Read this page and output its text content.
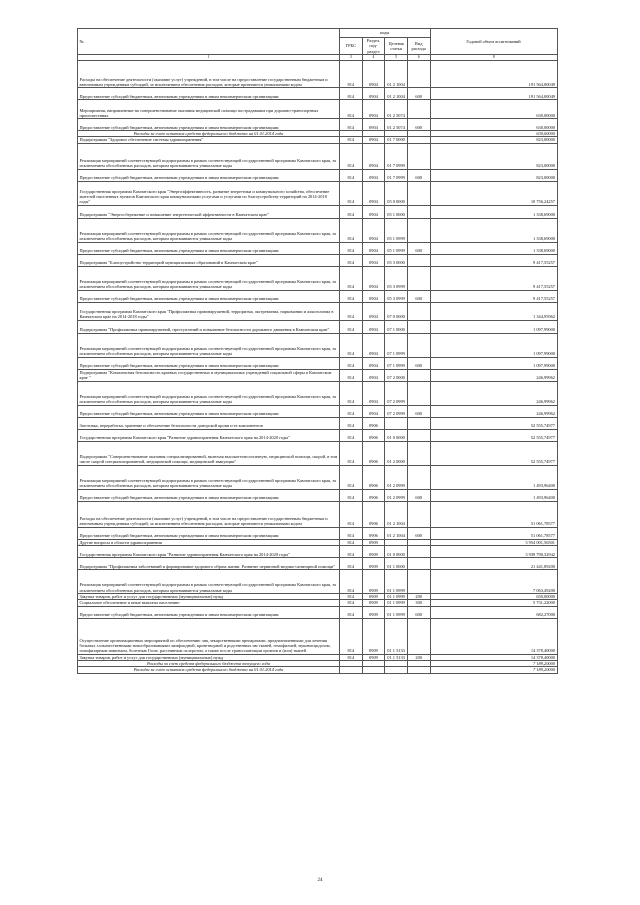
№	коды				Годовой объем ассигнований
	ГРБС	Раздел, под-раздел	Целевая статья	Вид расхода	
1	3	4	5	6	8
Расходы на обеспечение деятельности (оказание услуг) учреждений, в том числе на предоставление государственным бюджетным и автономным учреждениям субсидий, за исключением обеспечения расходов, которые признаются уникальными кодом	814	0904	01 2 1004		191 564,00049
Предоставление субсидий бюджетным, автономным учреждениям и иным некоммерческим организациям	814	0904	01 2 1004	600	191 564,00049
Мероприятия, направленные на совершенствование оказания медицинской помощи пострадавшим при дорожно-транспортных происшествиях	814	0904	01 2 5074		630,00000
Предоставление субсидий бюджетным, автономным учреждениям и иным некоммерческим организациям	814	0904	01 2 5074	600	630,00000
Расходы за счет остатков средств федерального бюджета на 01.01.2014 года					630,00000
Подпрограмма "Здоровое обеспечение системы здравоохранения"	814	0904	01 7 0000		823,00000
Реализация мероприятий соответствующей подпрограммы в рамках соответствующей государственной программы Камчатского края, за исключением обособленных расходов, которым присваиваются уникальные коды	814	0904	01 7 0999		823,00000
Предоставление субсидий бюджетным, автономным учреждениям и иным некоммерческим организациям	814	0904	01 7 0999	600	823,00000
Государственная программа Камчатского края "Энергоэффективность, развитие энергетики и коммунального хозяйства, обеспечение жителей населенных пунктов Камчатского края коммунальными услугами и услугами по благоустройству территорий на 2014-2018 годы"	814	0904	05 0 0000		10 756,24257
Подпрограмма "Энергосбережение и повышение энергетической эффективности в Камчатском крае"	814	0904	05 1 0000		1 338,69000
Реализация мероприятий соответствующей подпрограммы в рамках соответствующей государственной программы Камчатского края, за исключением обособленных расходов, которым присваиваются уникальные коды	814	0904	05 1 0999		1 338,69000
Предоставление субсидий бюджетным, автономным учреждениям и иным некоммерческим организациям	814	0904	05 1 0999	600	1 338,69000
Подпрограмма "Благоустройство территорий муниципальных образований в Камчатском крае"	814	0904	05 3 0000		9 417,55257
Реализация мероприятий соответствующей подпрограммы в рамках соответствующей государственной программы Камчатского края, за исключением обособленных расходов, которым присваиваются уникальные коды	814	0904	05 3 0999		9 417,55257
Предоставление субсидий бюджетным, автономным учреждениям и иным некоммерческим организациям	814	0904	05 3 0999	600	9 417,55257
Государственная программа Камчатского края "Профилактика правонарушений, терроризма, экстремизма, наркомании и алкоголизма в Камчатском крае на 2014-2018 годы"	814	0904	07 0 0000		1 344,95962
Подпрограмма "Профилактика правонарушений, преступлений и повышение безопасности дорожного движения в Камчатском крае"	814	0904	07 1 0000		1 097,99000
Реализация мероприятий соответствующей подпрограммы в рамках соответствующей государственной программы Камчатского края, за исключением обособленных расходов, которым присваиваются уникальные коды	814	0904	07 1 0999		1 097,99000
Предоставление субсидий бюджетным, автономным учреждениям и иным некоммерческим организациям	814	0904	07 1 0999	600	1 097,99000
Подпрограмма "Комплексная безопасность краевых государственных и муниципальных учреждений социальной сферы в Камчатском крае "	814	0904	07 2 0000		246,99962
Реализация мероприятий соответствующей подпрограммы в рамках соответствующей государственной программы Камчатского края, за исключением обособленных расходов, которым присваиваются уникальные коды	814	0904	07 2 0999		246,99962
Предоставление субсидий бюджетным, автономным учреждениям и иным некоммерческим организациям	814	0904	07 2 0999	600	246,99962
Заготовка, переработка, хранение и обеспечение безопасности донорской крови и ее компонентов	814	0906			52 555,74977
Государственная программа Камчатского края "Развитие здравоохранения Камчатского края на 2014-2020 годы"	814	0906	01 0 0000		52 555,74977
Подпрограмма "Совершенствование оказания специализированной, включая высокотехнологичную, медицинской помощи, скорой, в том числе скорой специализированной, медицинской помощи, медицинской эвакуации"	814	0906	01 2 0000		52 555,74977
Реализация мероприятий соответствующей подпрограммы в рамках соответствующей государственной программы Камчатского края, за исключением обособленных расходов, которым присваиваются уникальные коды	814	0906	01 2 0999		1 493,96400
Предоставление субсидий бюджетным, автономным учреждениям и иным некоммерческим организациям	814	0906	01 2 0999	600	1 493,96400
Расходы на обеспечение деятельности (оказание услуг) учреждений, в том числе на предоставление государственным бюджетным и автономным учреждениям субсидий, за исключением обеспечения расходов, которые признаются уникальными кодом	814	0906	01 2 1004		51 061,78577
Предоставление субсидий бюджетным, автономным учреждениям и иным некоммерческим организациям	814	0906	01 2 1004	600	51 061,78577
Другие вопросы в области здравоохранения	814	0909			3 954 001,56501
Государственная программа Камчатского края "Развитие здравоохранения Камчатского края на 2014-2020 годы"	814	0909	01 0 0000		3 939 790,32942
Подпрограмма "Профилактика заболеваний и формирование здорового образа жизни. Развитие первичной медико-санитарной помощи"	814	0909	01 1 0000		21 441,89200
Реализация мероприятий соответствующей подпрограммы в рамках соответствующей государственной программы Камчатского края, за исключением обособленных расходов, которым присваиваются уникальные коды	814	0909	01 1 0999		7 063,49200
Закупка товаров, работ и услуг для государственных (муниципальных) нужд	814	0909	01 1 0999	200	650,00000
Социальное обеспечение и иные выплаты населению	814	0909	01 1 0999	300	5 731,22000
Предоставление субсидий бюджетным, автономным учреждениям и иным некоммерческим организациям	814	0909	01 1 0999	600	682,27000
Осуществление организационных мероприятий по обеспечению лиц лекарственными препаратами, предназначенными для лечения больных злокачественными новообразованиями лимфоидной, кроветворной и родственных им тканей, гемофилией, муковисцидозом, гипофизарным нанизмом, болезнью Гоше, рассеянным склерозом, а также после трансплантации органов и (или) тканей	814	0909	01 1 5133		14 378,40000
Закупка товаров, работ и услуг для государственных (муниципальных) нужд	814	0909	01 1 5133	200	14 378,40000
Расходы за счет средств федерального бюджета текущего года					7 189,20000
Расходы за счет остатков средств федерального бюджета на 01.01.2014 года					7 189,20000
24
